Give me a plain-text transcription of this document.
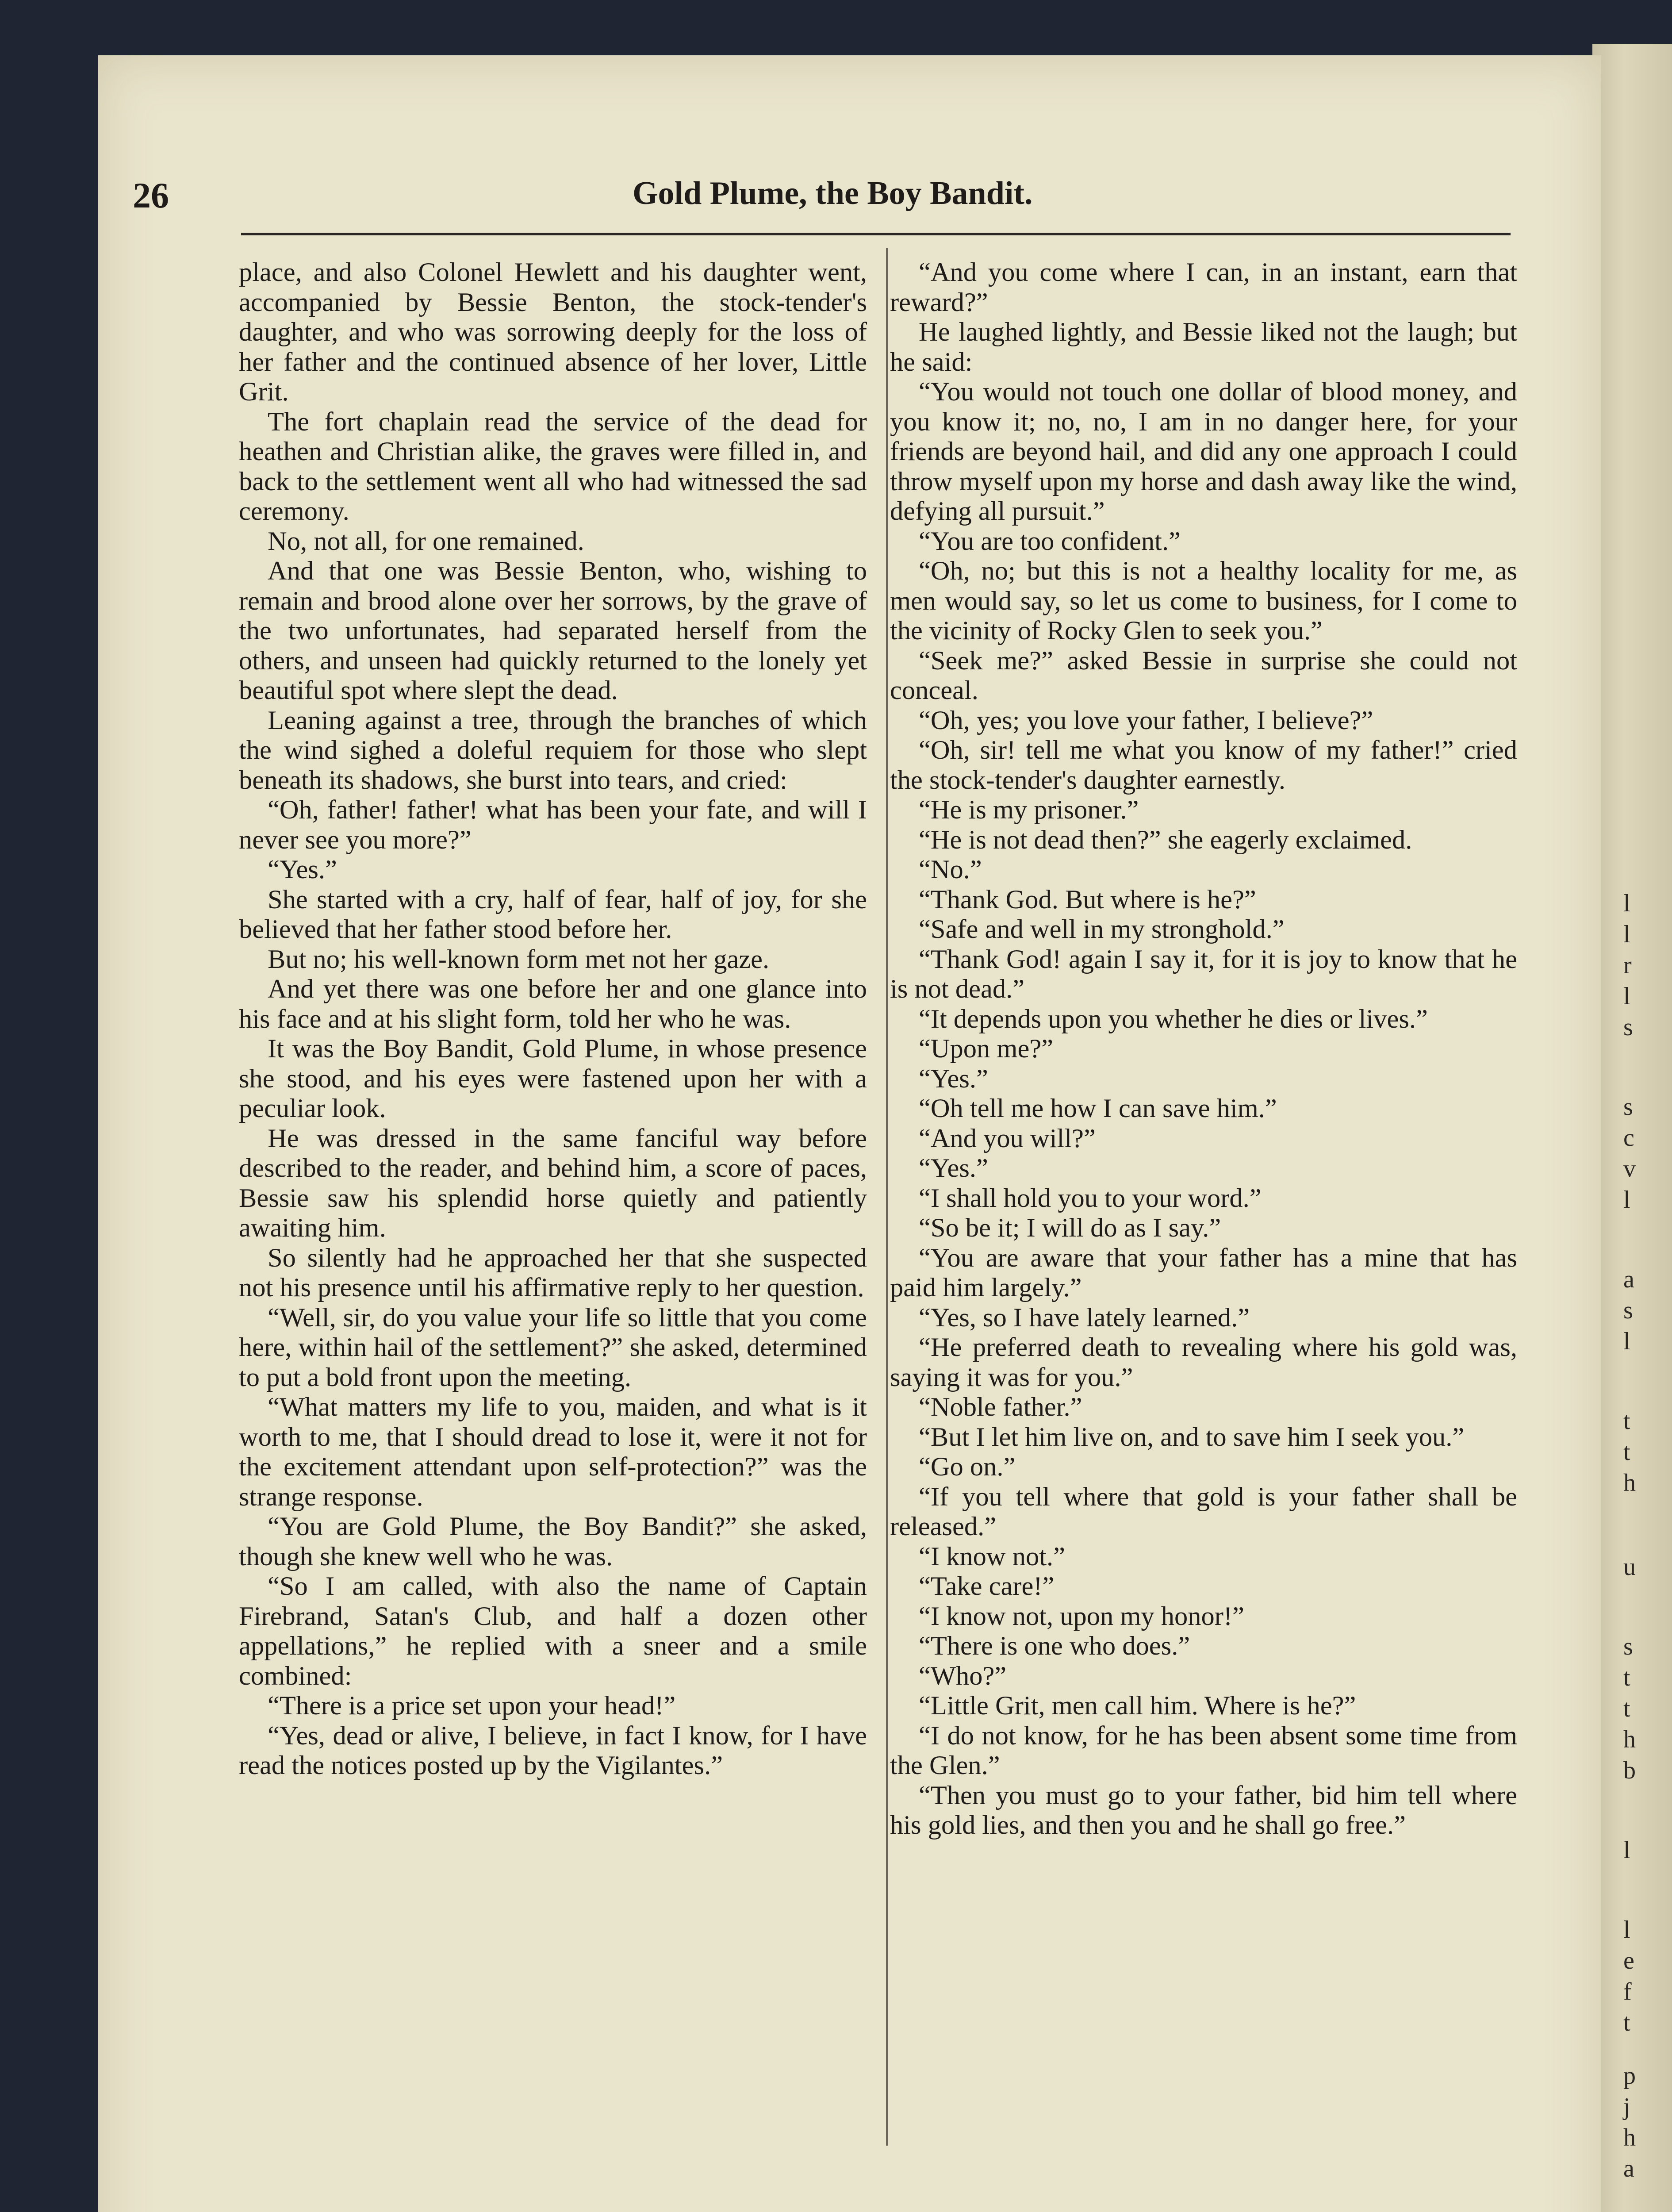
l
l
r
l
s
s
c
v
l
a
s
l
t
t
h
u
s
t
t
h
b
l
l
e
f
t
p
j
h
a
26	Gold Plume, the Boy Bandit.

place, and also Colonel Hewlett and his daughter went, accompanied by Bessie Benton, the stock-tender's daughter, and who was sorrowing deeply for the loss of her father and the continued absence of her lover, Little Grit.

The fort chaplain read the service of the dead for heathen and Christian alike, the graves were filled in, and back to the settlement went all who had witnessed the sad ceremony.

No, not all, for one remained.

And that one was Bessie Benton, who, wishing to remain and brood alone over her sorrows, by the grave of the two unfortunates, had separated herself from the others, and unseen had quickly returned to the lonely yet beautiful spot where slept the dead.

Leaning against a tree, through the branches of which the wind sighed a doleful requiem for those who slept beneath its shadows, she burst into tears, and cried:

“Oh, father! father! what has been your fate, and will I never see you more?”

“Yes.”

She started with a cry, half of fear, half of joy, for she believed that her father stood before her.

But no; his well-known form met not her gaze.

And yet there was one before her and one glance into his face and at his slight form, told her who he was.

It was the Boy Bandit, Gold Plume, in whose presence she stood, and his eyes were fastened upon her with a peculiar look.

He was dressed in the same fanciful way before described to the reader, and behind him, a score of paces, Bessie saw his splendid horse quietly and patiently awaiting him.

So silently had he approached her that she suspected not his presence until his affirmative reply to her question.

“Well, sir, do you value your life so little that you come here, within hail of the settlement?” she asked, determined to put a bold front upon the meeting.

“What matters my life to you, maiden, and what is it worth to me, that I should dread to lose it, were it not for the excitement attendant upon self-protection?” was the strange response.

“You are Gold Plume, the Boy Bandit?” she asked, though she knew well who he was.

“So I am called, with also the name of Captain Firebrand, Satan's Club, and half a dozen other appellations,” he replied with a sneer and a smile combined:

“There is a price set upon your head!”

“Yes, dead or alive, I believe, in fact I know, for I have read the notices posted up by the Vigilantes.”

“And you come where I can, in an instant, earn that reward?”

He laughed lightly, and Bessie liked not the laugh; but he said:

“You would not touch one dollar of blood money, and you know it; no, no, I am in no danger here, for your friends are beyond hail, and did any one approach I could throw myself upon my horse and dash away like the wind, defying all pursuit.”

“You are too confident.”

“Oh, no; but this is not a healthy locality for me, as men would say, so let us come to business, for I come to the vicinity of Rocky Glen to seek you.”

“Seek me?” asked Bessie in surprise she could not conceal.

“Oh, yes; you love your father, I believe?”

“Oh, sir! tell me what you know of my father!” cried the stock-tender's daughter earnestly.

“He is my prisoner.”

“He is not dead then?” she eagerly exclaimed.

“No.”

“Thank God. But where is he?”

“Safe and well in my stronghold.”

“Thank God! again I say it, for it is joy to know that he is not dead.”

“It depends upon you whether he dies or lives.”

“Upon me?”

“Yes.”

“Oh tell me how I can save him.”

“And you will?”

“Yes.”

“I shall hold you to your word.”

“So be it; I will do as I say.”

“You are aware that your father has a mine that has paid him largely.”

“Yes, so I have lately learned.”

“He preferred death to revealing where his gold was, saying it was for you.”

“Noble father.”

“But I let him live on, and to save him I seek you.”

“Go on.”

“If you tell where that gold is your father shall be released.”

“I know not.”

“Take care!”

“I know not, upon my honor!”

“There is one who does.”

“Who?”

“Little Grit, men call him. Where is he?”

“I do not know, for he has been absent some time from the Glen.”

“Then you must go to your father, bid him tell where his gold lies, and then you and he shall go free.”
